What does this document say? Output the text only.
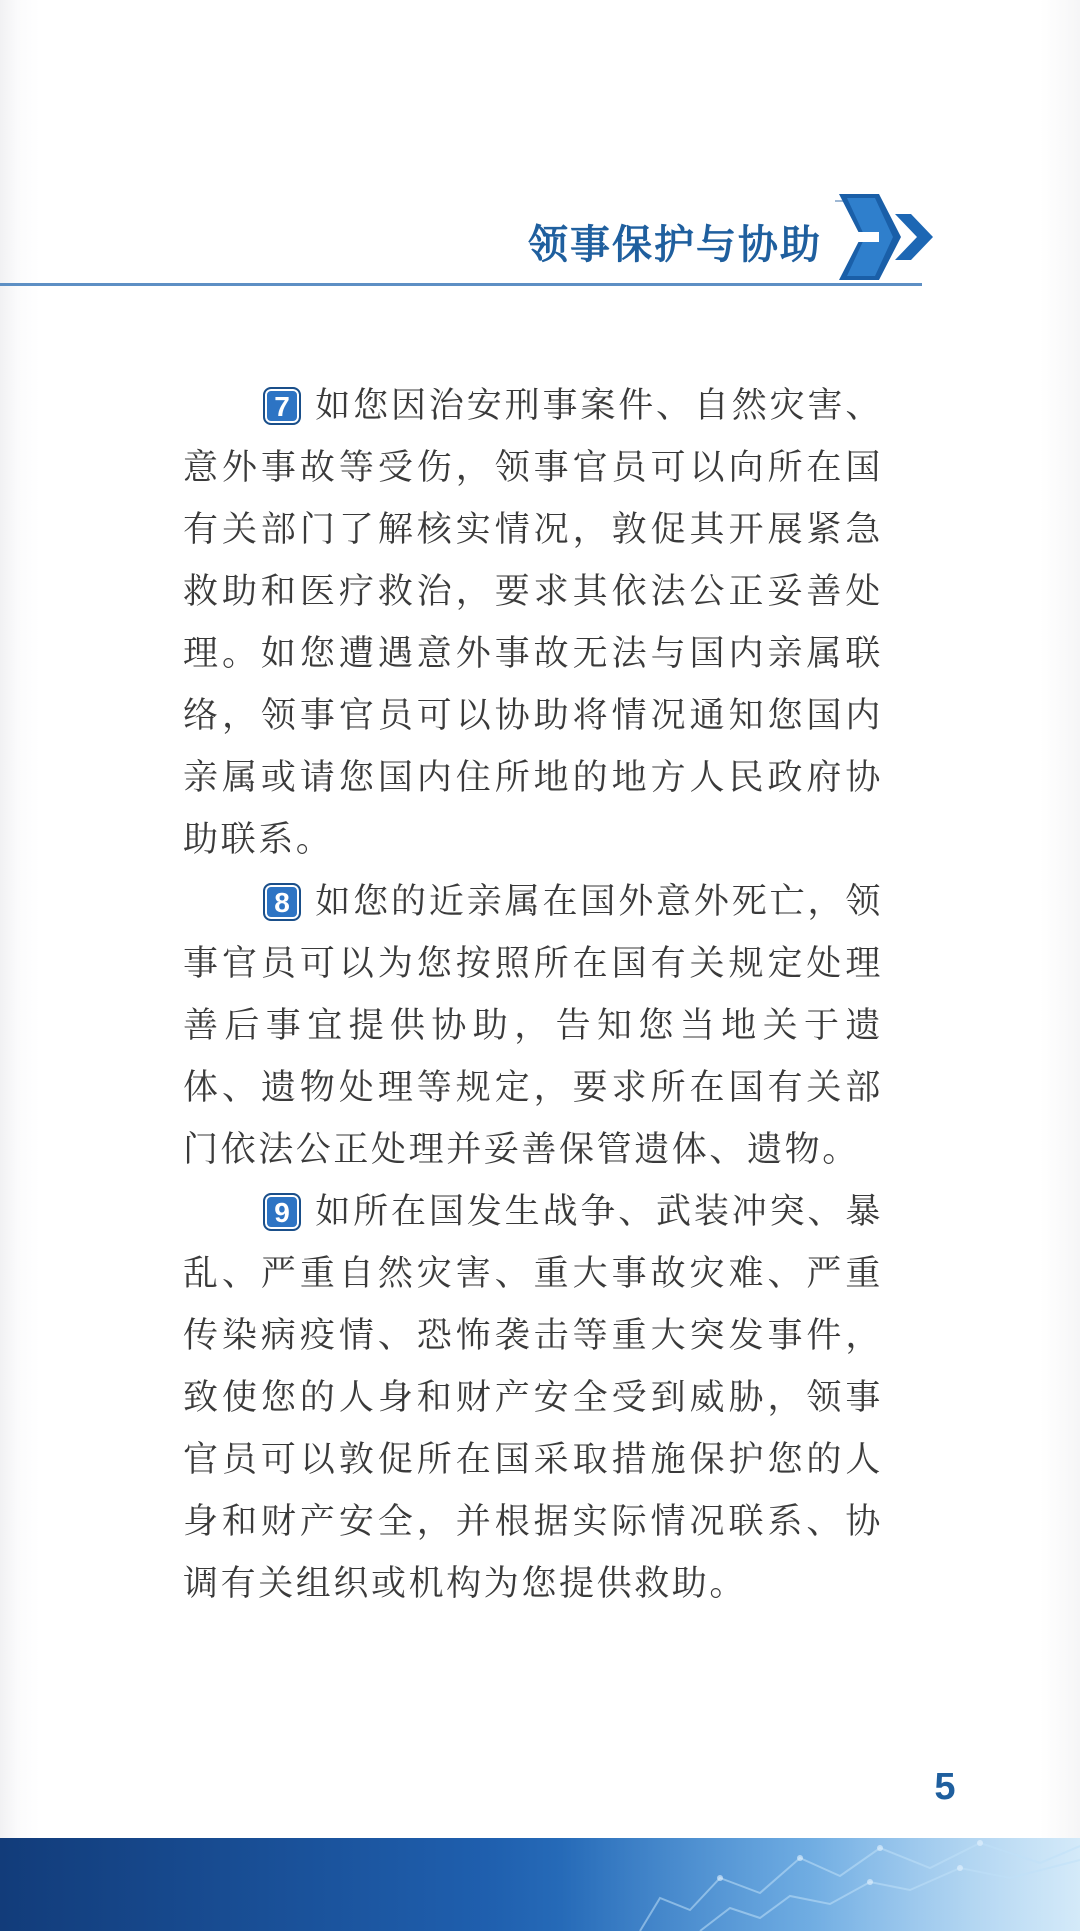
领事保护与协助

7 如您因治安刑事案件、自然灾害、意外事故等受伤，领事官员可以向所在国有关部门了解核实情况，敦促其开展紧急救助和医疗救治，要求其依法公正妥善处理。如您遭遇意外事故无法与国内亲属联络，领事官员可以协助将情况通知您国内亲属或请您国内住所地的地方人民政府协助联系。

8 如您的近亲属在国外意外死亡，领事官员可以为您按照所在国有关规定处理善后事宜提供协助，告知您当地关于遗体、遗物处理等规定，要求所在国有关部门依法公正处理并妥善保管遗体、遗物。

9 如所在国发生战争、武装冲突、暴乱、严重自然灾害、重大事故灾难、严重传染病疫情、恐怖袭击等重大突发事件，致使您的人身和财产安全受到威胁，领事官员可以敦促所在国采取措施保护您的人身和财产安全，并根据实际情况联系、协调有关组织或机构为您提供救助。

5
